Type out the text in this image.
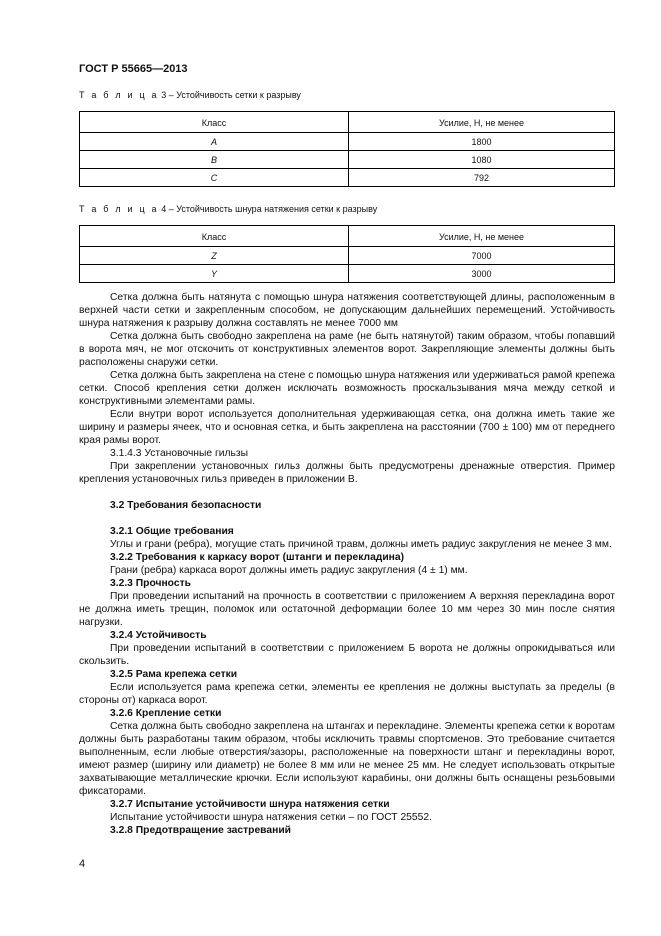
ГОСТ Р 55665—2013
Т а б л и ц а 3 – Устойчивость сетки к разрыву
Класс	Усилие, Н, не менее
A	1800
B	1080
C	792
Т а б л и ц а 4 – Устойчивость шнура натяжения сетки к разрыву
Класс	Усилие, Н, не менее
Z	7000
Y	3000

Сетка должна быть натянута с помощью шнура натяжения соответствующей длины, расположенным в верхней части сетки и закрепленным способом, не допускающим дальнейших перемещений. Устойчивость шнура натяжения к разрыву должна составлять не менее 7000 мм

Сетка должна быть свободно закреплена на раме (не быть натянутой) таким образом, чтобы попавший в ворота мяч, не мог отскочить от конструктивных элементов ворот. Закрепляющие элементы должны быть расположены снаружи сетки.

Сетка должна быть закреплена на стене с помощью шнура натяжения или удерживаться рамой крепежа сетки. Способ крепления сетки должен исключать возможность проскальзывания мяча между сеткой и конструктивными элементами рамы.

Если внутри ворот используется дополнительная удерживающая сетка, она должна иметь такие же ширину и размеры ячеек, что и основная сетка, и быть закреплена на расстоянии (700 ± 100) мм от переднего края рамы ворот.

3.1.4.3 Установочные гильзы

При закреплении установочных гильз должны быть предусмотрены дренажные отверстия. Пример крепления установочных гильз приведен в приложении В.

3.2 Требования безопасности

3.2.1 Общие требования

Углы и грани (ребра), могущие стать причиной травм, должны иметь радиус закругления не менее 3 мм.

3.2.2 Требования к каркасу ворот (штанги и перекладина)

Грани (ребра) каркаса ворот должны иметь радиус закругления (4 ± 1) мм.

3.2.3 Прочность

При проведении испытаний на прочность в соответствии с приложением А верхняя перекладина ворот не должна иметь трещин, поломок или остаточной деформации более 10 мм через 30 мин после снятия нагрузки.

3.2.4 Устойчивость

При проведении испытаний в соответствии с приложением Б ворота не должны опрокидываться или скользить.

3.2.5 Рама крепежа сетки

Если используется рама крепежа сетки, элементы ее крепления не должны выступать за пределы (в стороны от) каркаса ворот.

3.2.6 Крепление сетки

Сетка должна быть свободно закреплена на штангах и перекладине. Элементы крепежа сетки к воротам должны быть разработаны таким образом, чтобы исключить травмы спортсменов. Это требование считается выполненным, если любые отверстия/зазоры, расположенные на поверхности штанг и перекладины ворот, имеют размер (ширину или диаметр) не более 8 мм или не менее 25 мм. Не следует использовать открытые захватывающие металлические крючки. Если используют карабины, они должны быть оснащены резьбовыми фиксаторами.

3.2.7 Испытание устойчивости шнура натяжения сетки

Испытание устойчивости шнура натяжения сетки – по ГОСТ 25552.

3.2.8 Предотвращение застреваний

4
